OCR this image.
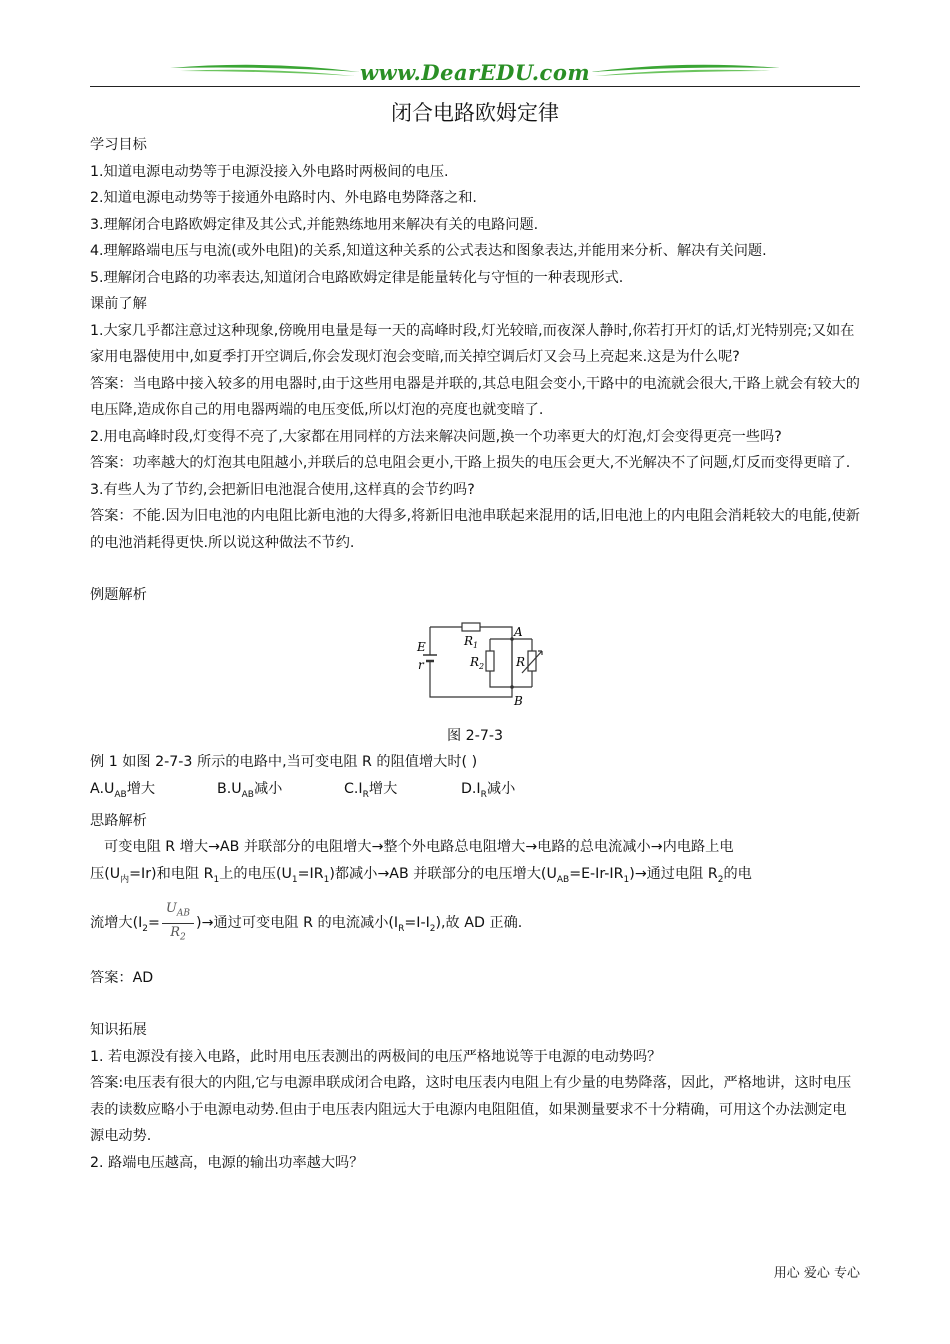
www.DearEDU.com
闭合电路欧姆定律

学习目标

1.知道电源电动势等于电源没接入外电路时两极间的电压.

2.知道电源电动势等于接通外电路时内、外电路电势降落之和.

3.理解闭合电路欧姆定律及其公式,并能熟练地用来解决有关的电路问题.

4.理解路端电压与电流(或外电阻)的关系,知道这种关系的公式表达和图象表达,并能用来分析、解决有关问题.

5.理解闭合电路的功率表达,知道闭合电路欧姆定律是能量转化与守恒的一种表现形式.

课前了解

1.大家几乎都注意过这种现象,傍晚用电量是每一天的高峰时段,灯光较暗,而夜深人静时,你若打开灯的话,灯光特别亮;又如在家用电器使用中,如夏季打开空调后,你会发现灯泡会变暗,而关掉空调后灯又会马上亮起来.这是为什么呢?

答案：当电路中接入较多的用电器时,由于这些用电器是并联的,其总电阻会变小,干路中的电流就会很大,干路上就会有较大的电压降,造成你自己的用电器两端的电压变低,所以灯泡的亮度也就变暗了.

2.用电高峰时段,灯变得不亮了,大家都在用同样的方法来解决问题,换一个功率更大的灯泡,灯会变得更亮一些吗?

答案：功率越大的灯泡其电阻越小,并联后的总电阻会更小,干路上损失的电压会更大,不光解决不了问题,灯反而变得更暗了.

3.有些人为了节约,会把新旧电池混合使用,这样真的会节约吗?

答案：不能.因为旧电池的内电阻比新电池的大得多,将新旧电池串联起来混用的话,旧电池上的内电阻会消耗较大的电能,使新的电池消耗得更快.所以说这种做法不节约.

例题解析

E
r
$R_1$
A
$R_2$	R
B

图 2-7-3

例 1 如图 2-7-3 所示的电路中,当可变电阻 R 的阻值增大时( )

$A.U_{AB}$增大	$B.U_{AB}$减小	$C.I_R$增大	$D.I_R$减小

思路解析

可变电阻 R 增大→AB 并联部分的电阻增大→整个外电路总电阻增大→电路的总电流减小→内电路上电

压$(U_内=Ir)$和电阻 $R_1$上的电压$(U_1=IR_1)$都减小→AB 并联部分的电压增大$(U_{AB}=E-Ir-IR_1)\to$通过电阻 $R_2$的电

流增大($I_2= \frac{U_{AB}}{R_2}$ )→通过可变电阻 R 的电流减小$(I_R=I-I_2)$,故 AD 正确.

答案：AD

知识拓展

1. 若电源没有接入电路，此时用电压表测出的两极间的电压严格地说等于电源的电动势吗？

答案:电压表有很大的内阻,它与电源串联成闭合电路，这时电压表内电阻上有少量的电势降落，因此，严格地讲，这时电压表的读数应略小于电源电动势.但由于电压表内阻远大于电源内电阻阻值，如果测量要求不十分精确，可用这个办法测定电源电动势.

2. 路端电压越高，电源的输出功率越大吗？

用心 爱心 专心
